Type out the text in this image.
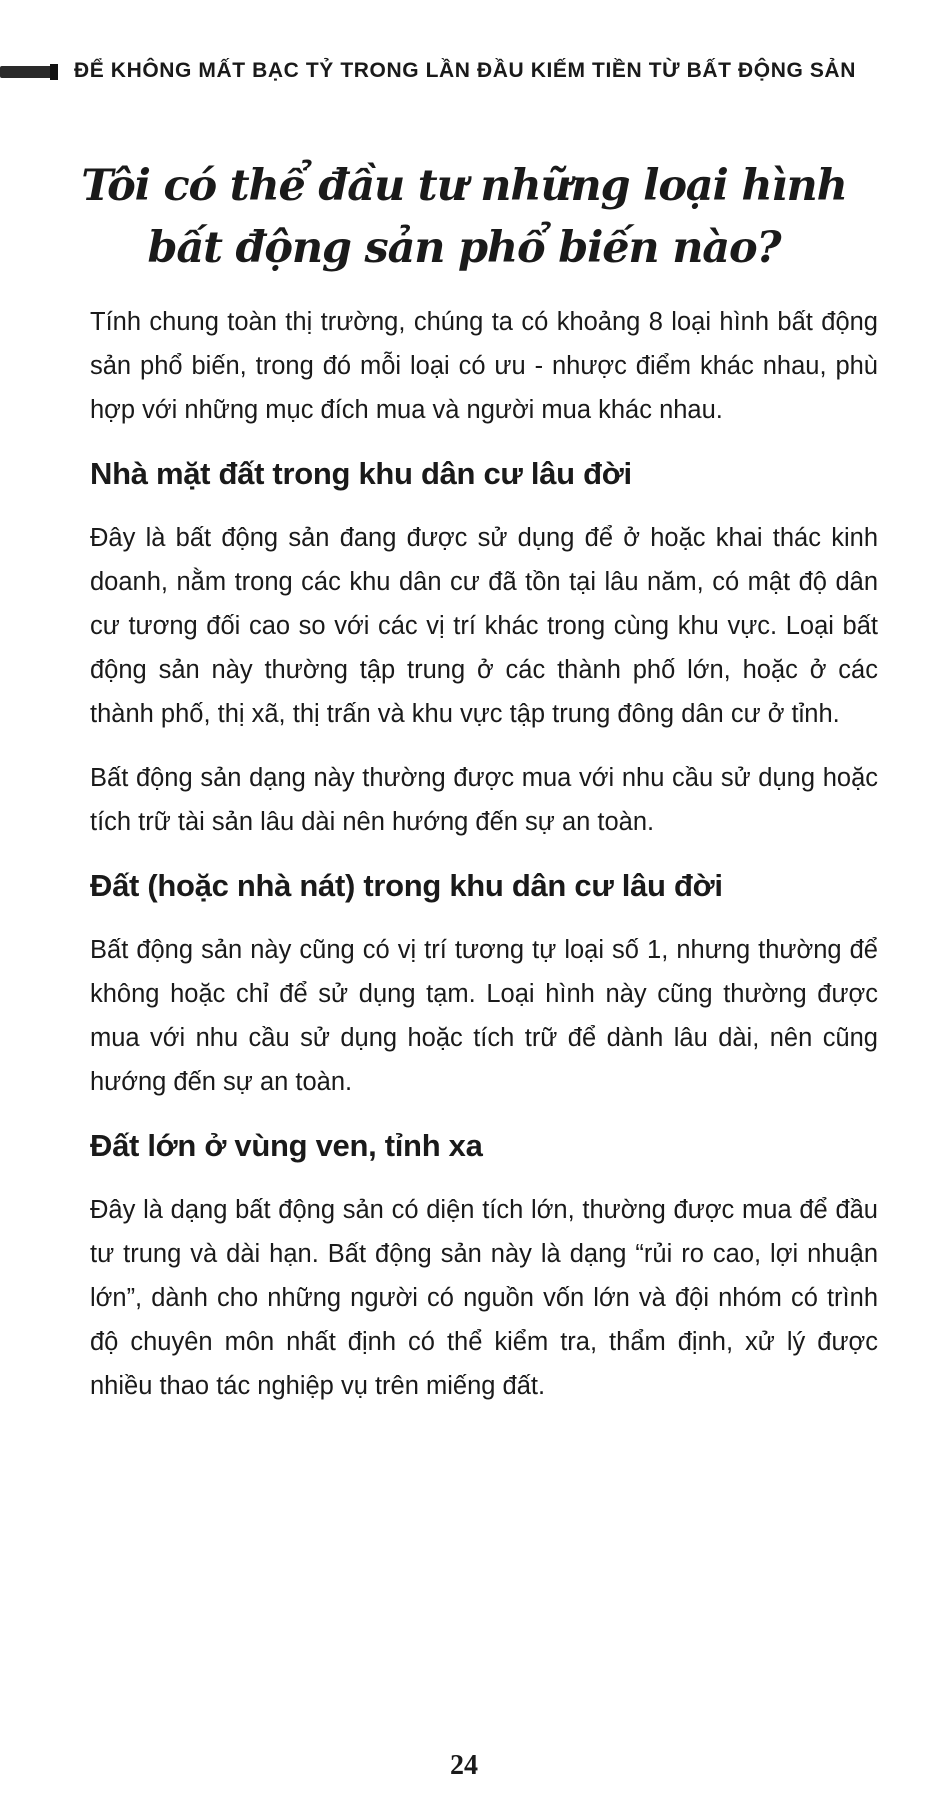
ĐỂ KHÔNG MẤT BẠC TỶ TRONG LẦN ĐẦU KIẾM TIỀN TỪ BẤT ĐỘNG SẢN
Tôi có thể đầu tư những loại hình
bất động sản phổ biến nào?

Tính chung toàn thị trường, chúng ta có khoảng 8 loại hình bất động sản phổ biến, trong đó mỗi loại có ưu - nhược điểm khác nhau, phù hợp với những mục đích mua và người mua khác nhau.

Nhà mặt đất trong khu dân cư lâu đời

Đây là bất động sản đang được sử dụng để ở hoặc khai thác kinh doanh, nằm trong các khu dân cư đã tồn tại lâu năm, có mật độ dân cư tương đối cao so với các vị trí khác trong cùng khu vực. Loại bất động sản này thường tập trung ở các thành phố lớn, hoặc ở các thành phố, thị xã, thị trấn và khu vực tập trung đông dân cư ở tỉnh.

Bất động sản dạng này thường được mua với nhu cầu sử dụng hoặc tích trữ tài sản lâu dài nên hướng đến sự an toàn.

Đất (hoặc nhà nát) trong khu dân cư lâu đời

Bất động sản này cũng có vị trí tương tự loại số 1, nhưng thường để không hoặc chỉ để sử dụng tạm. Loại hình này cũng thường được mua với nhu cầu sử dụng hoặc tích trữ để dành lâu dài, nên cũng hướng đến sự an toàn.

Đất lớn ở vùng ven, tỉnh xa

Đây là dạng bất động sản có diện tích lớn, thường được mua để đầu tư trung và dài hạn. Bất động sản này là dạng “rủi ro cao, lợi nhuận lớn”, dành cho những người có nguồn vốn lớn và đội nhóm có trình độ chuyên môn nhất định có thể kiểm tra, thẩm định, xử lý được nhiều thao tác nghiệp vụ trên miếng đất.

24
